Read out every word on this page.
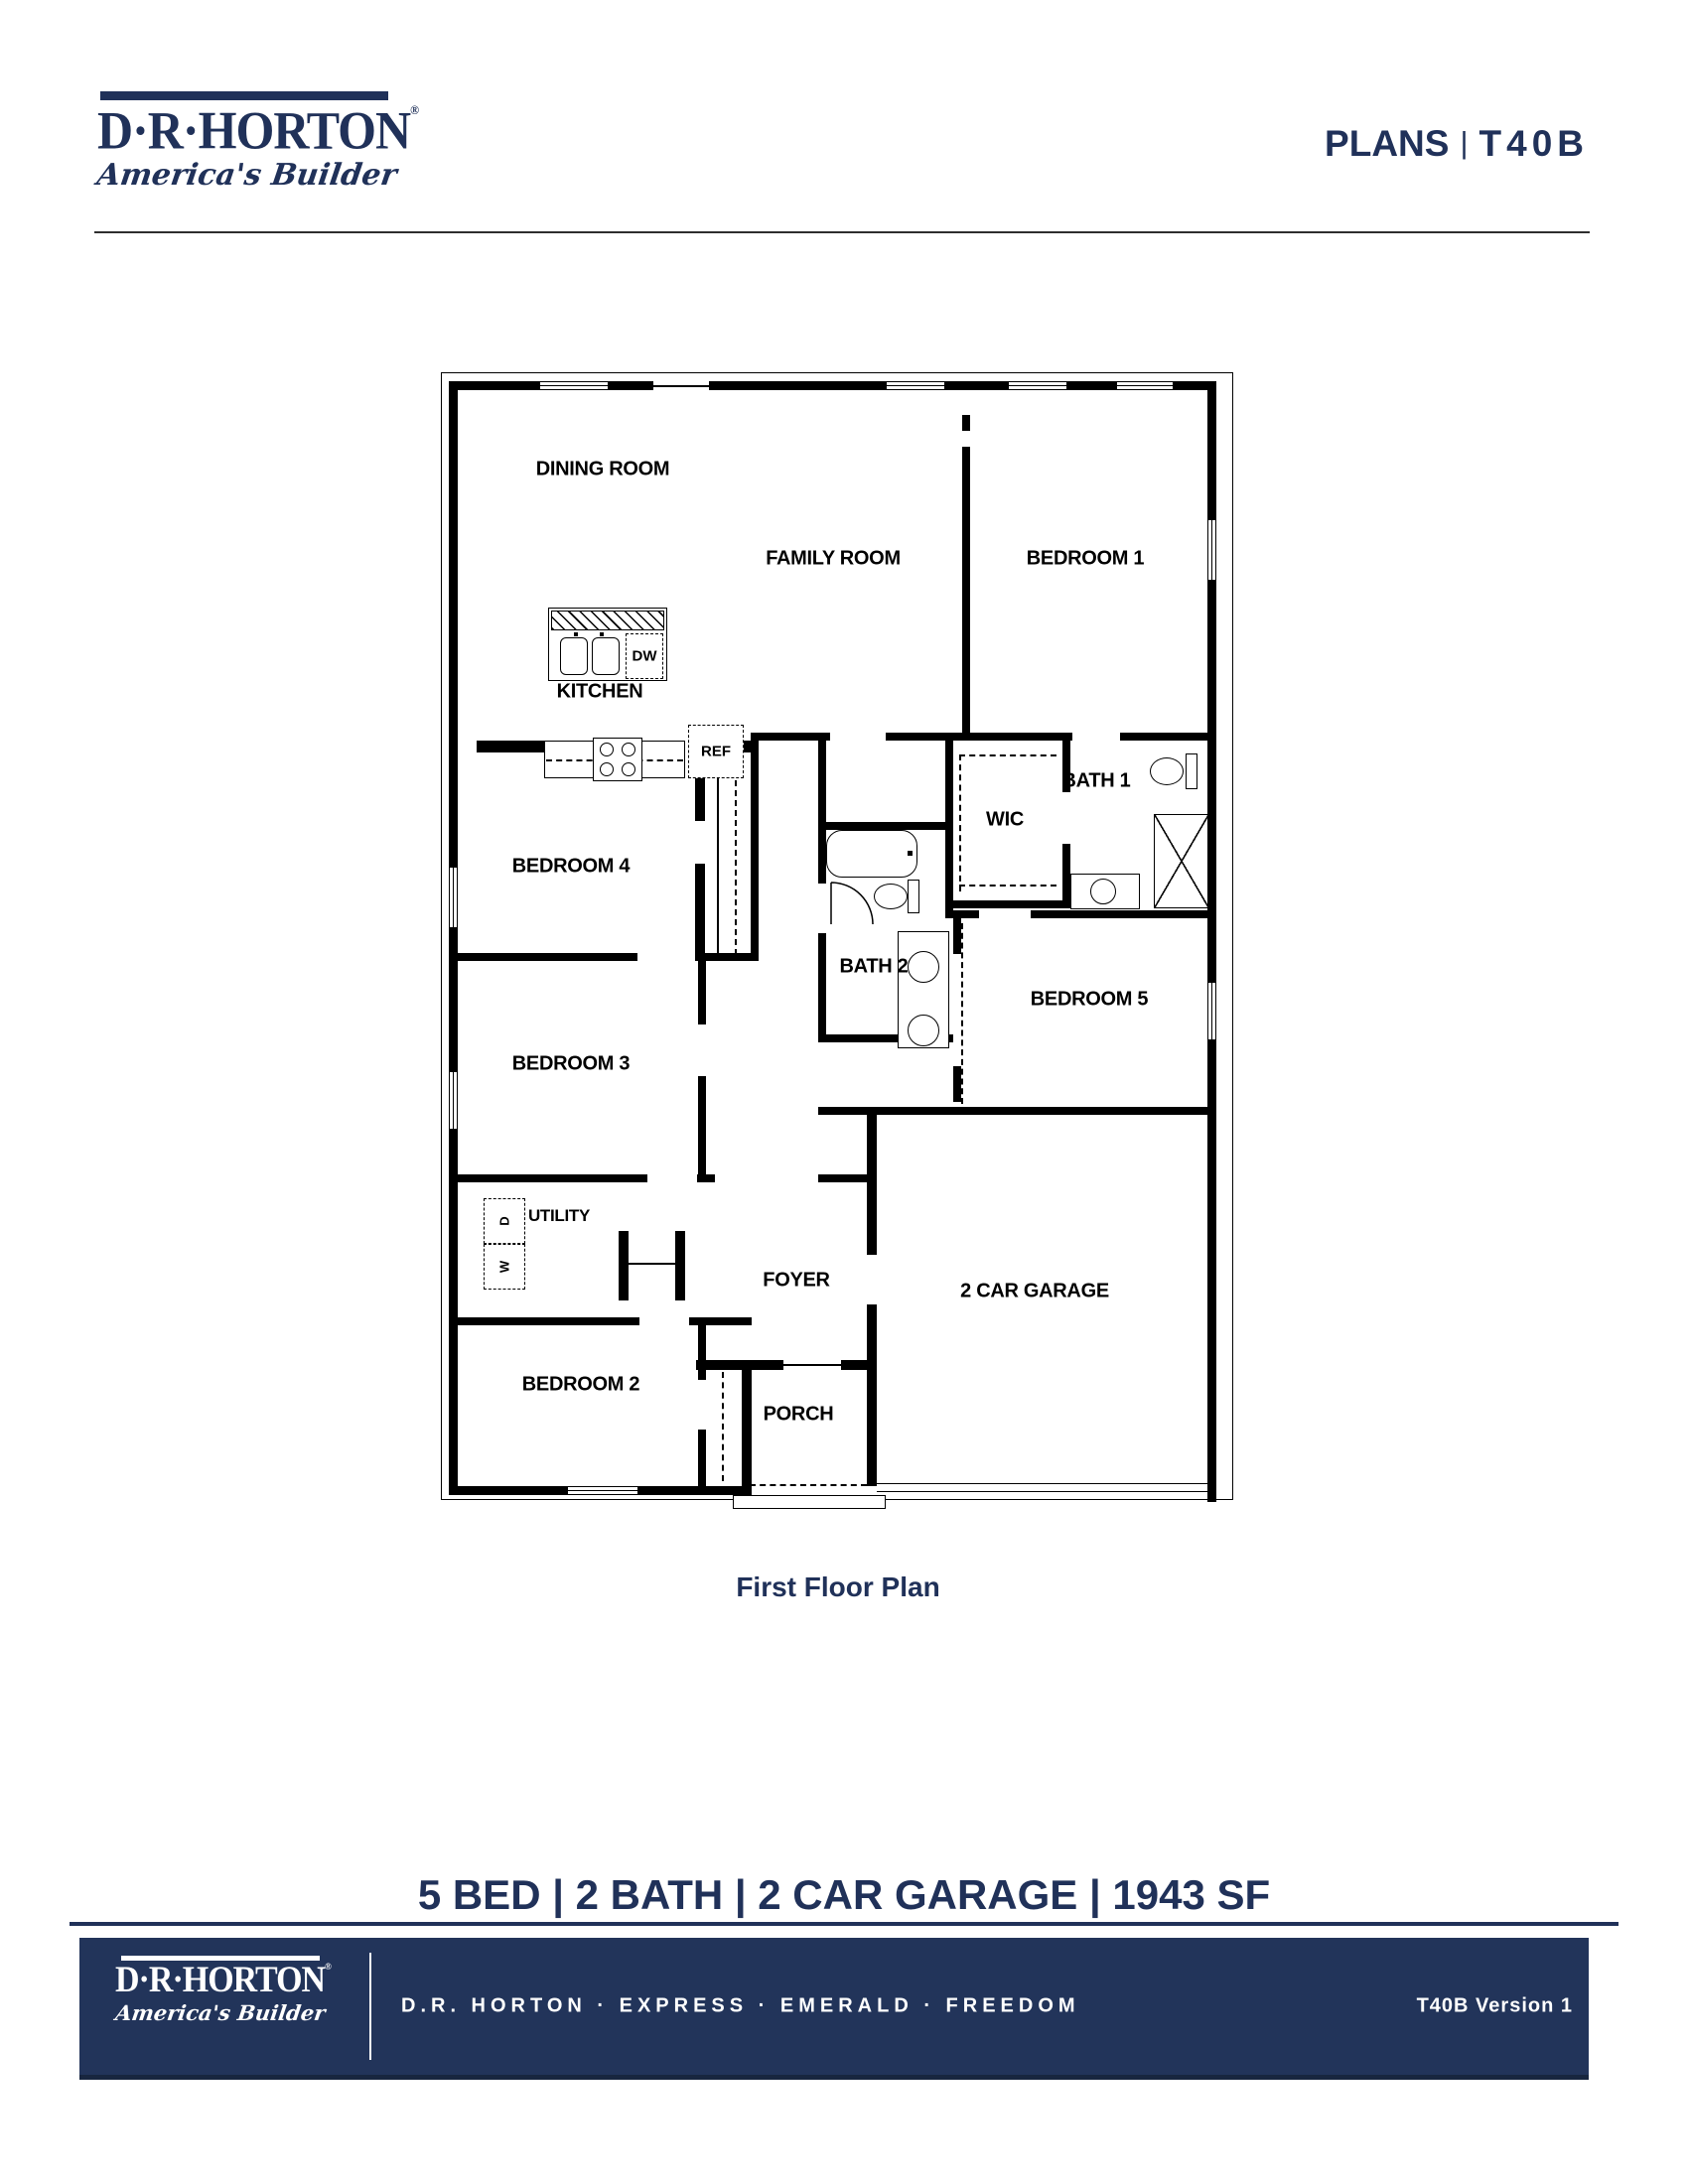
D·R·HORTON®
America's Builder
PLANS | T40B
DW
REF
D
W
DINING ROOM
FAMILY ROOM	BEDROOM 1
KITCHEN
BATH 1
WIC
BEDROOM 4
BATH 2
BEDROOM 5
BEDROOM 3
UTILITY
FOYER	2 CAR GARAGE
BEDROOM 2
PORCH
First Floor Plan
5 BED | 2 BATH | 2 CAR GARAGE | 1943 SF
D·R·HORTON®
America's Builder	D.R. HORTON · EXPRESS · EMERALD · FREEDOM	T40B Version 1
